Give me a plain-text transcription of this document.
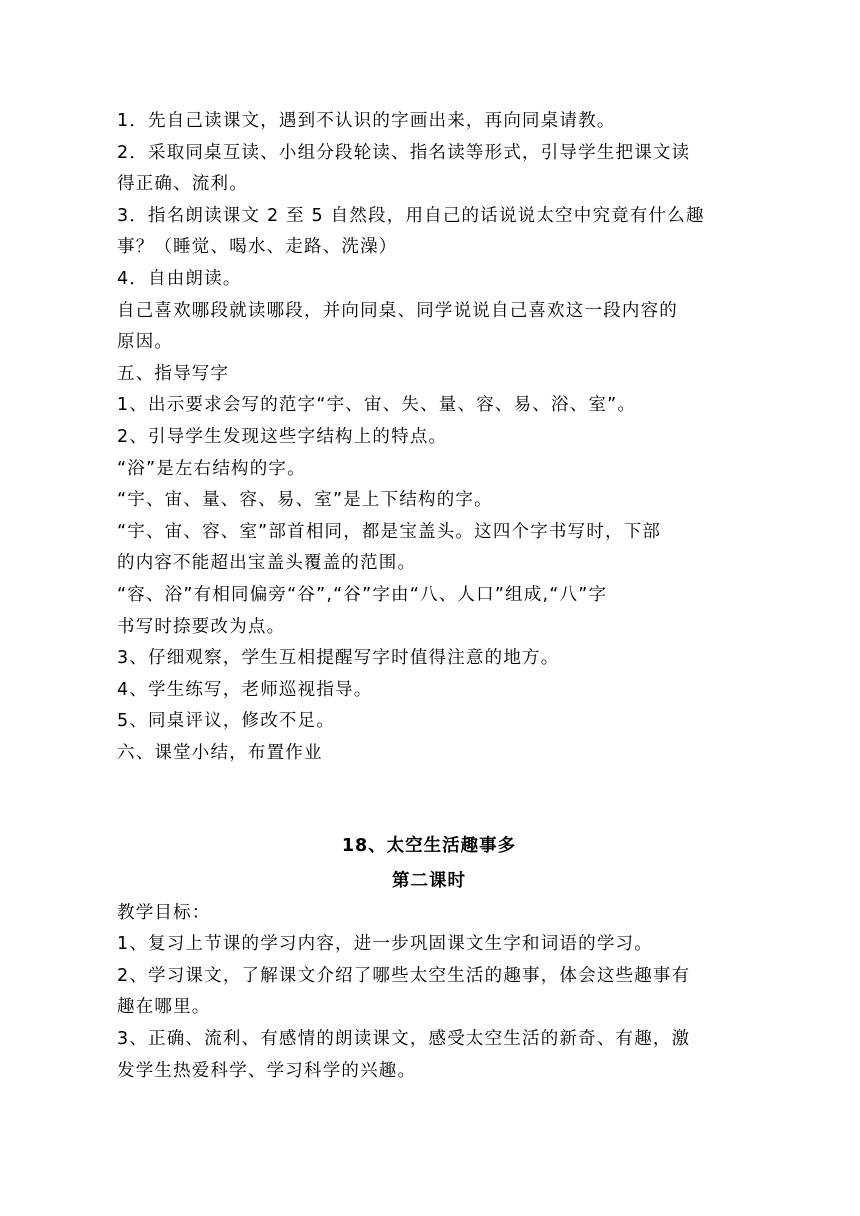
1．先自己读课文，遇到不认识的字画出来，再向同桌请教。
2．采取同桌互读、小组分段轮读、指名读等形式，引导学生把课文读
得正确、流利。
3．指名朗读课文 2 至 5 自然段，用自己的话说说太空中究竟有什么趣
事？（睡觉、喝水、走路、洗澡）
4．自由朗读。
自己喜欢哪段就读哪段，并向同桌、同学说说自己喜欢这一段内容的
原因。
五、指导写字
1、出示要求会写的范字“宇、宙、失、量、容、易、浴、室”。
2、引导学生发现这些字结构上的特点。
“浴”是左右结构的字。
“宇、宙、量、容、易、室”是上下结构的字。
“宇、宙、容、室”部首相同，都是宝盖头。这四个字书写时，下部
的内容不能超出宝盖头覆盖的范围。
“容、浴”有相同偏旁“谷”,“谷”字由“八、人口”组成,“八”字
书写时捺要改为点。
3、仔细观察，学生互相提醒写字时值得注意的地方。
4、学生练写，老师巡视指导。
5、同桌评议，修改不足。
六、课堂小结，布置作业
18、太空生活趣事多
第二课时
教学目标：
1、复习上节课的学习内容，进一步巩固课文生字和词语的学习。
2、学习课文，了解课文介绍了哪些太空生活的趣事，体会这些趣事有
趣在哪里。
3、正确、流利、有感情的朗读课文，感受太空生活的新奇、有趣，激
发学生热爱科学、学习科学的兴趣。
